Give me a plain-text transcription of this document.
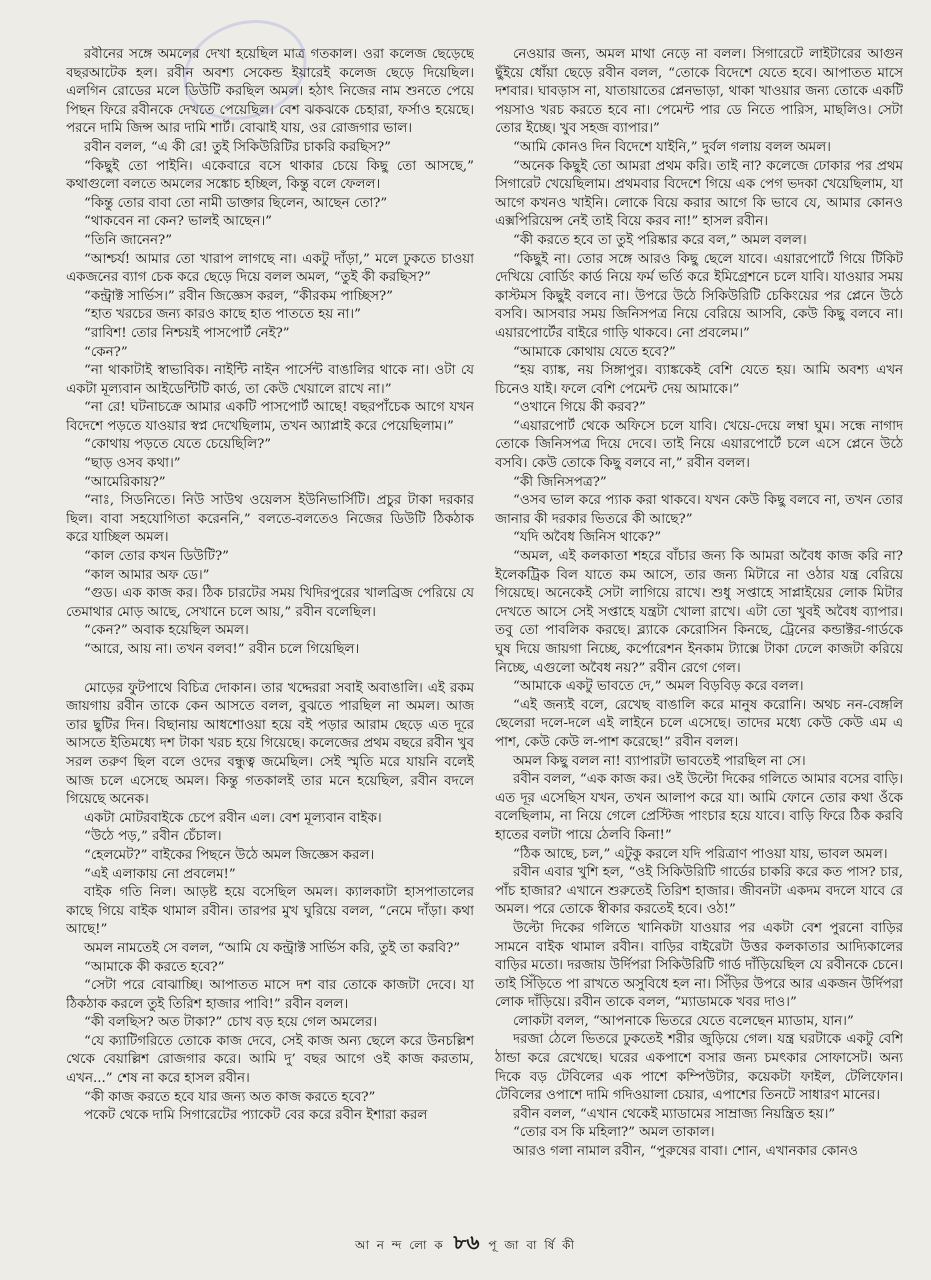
রবীনের সঙ্গে অমলের দেখা হয়েছিল মাত্র গতকাল। ওরা কলেজ ছেড়েছে বছরআটেক হল। রবীন অবশ্য সেকেন্ড ইয়ারেই কলেজ ছেড়ে দিয়েছিল। এলগিন রোডের মলে ডিউটি করছিল অমল। হঠাৎ নিজের নাম শুনতে পেয়ে পিছন ফিরে রবীনকে দেখতে পেয়েছিল। বেশ ঝকঝকে চেহারা, ফর্সাও হয়েছে। পরনে দামি জিন্স আর দামি শার্ট। বোঝাই যায়, ওর রোজগার ভাল।

রবীন বলল, “এ কী রে! তুই সিকিউরিটির চাকরি করছিস?”

“কিছুই তো পাইনি। একেবারে বসে থাকার চেয়ে কিছু তো আসছে,” কথাগুলো বলতে অমলের সঙ্কোচ হচ্ছিল, কিন্তু বলে ফেলল।

“কিন্তু তোর বাবা তো নামী ডাক্তার ছিলেন, আছেন তো?”

“থাকবেন না কেন? ভালই আছেন।”

“তিনি জানেন?”

“আশ্চর্য! আমার তো খারাপ লাগছে না। একটু দাঁড়া,” মলে ঢুকতে চাওয়া একজনের ব্যাগ চেক করে ছেড়ে দিয়ে বলল অমল, “তুই কী করছিস?”

“কন্ট্রাক্ট সার্ভিস।” রবীন জিজ্ঞেস করল, “কীরকম পাচ্ছিস?”

“হাত খরচের জন্য কারও কাছে হাত পাততে হয় না।”

“রাবিশ! তোর নিশ্চয়ই পাসপোর্ট নেই?”

“কেন?”

“না থাকাটাই স্বাভাবিক। নাইন্টি নাইন পার্সেন্ট বাঙালির থাকে না। ওটা যে একটা মূল্যবান আইডেন্টিটি কার্ড, তা কেউ খেয়ালে রাখে না।”

“না রে! ঘটনাচক্রে আমার একটি পাসপোর্ট আছে! বছরপাঁচেক আগে যখন বিদেশে পড়তে যাওয়ার স্বপ্ন দেখেছিলাম, তখন অ্যাপ্লাই করে পেয়েছিলাম।”

“কোথায় পড়তে যেতে চেয়েছিলি?”

“ছাড় ওসব কথা।”

“আমেরিকায়?”

“নাঃ, সিডনিতে। নিউ সাউথ ওয়েলস ইউনিভার্সিটি। প্রচুর টাকা দরকার ছিল। বাবা সহযোগিতা করেননি,” বলতে-বলতেও নিজের ডিউটি ঠিকঠাক করে যাচ্ছিল অমল।

“কাল তোর কখন ডিউটি?”

“কাল আমার অফ ডে।”

“গুড। এক কাজ কর। ঠিক চারটের সময় খিদিরপুরের খালব্রিজ পেরিয়ে যে তেমাথার মোড় আছে, সেখানে চলে আয়,” রবীন বলেছিল।

“কেন?” অবাক হয়েছিল অমল।

“আরে, আয় না। তখন বলব!” রবীন চলে গিয়েছিল।

মোড়ের ফুটপাথে বিচিত্র দোকান। তার খদ্দেররা সবাই অবাঙালি। এই রকম জায়গায় রবীন তাকে কেন আসতে বলল, বুঝতে পারছিল না অমল। আজ তার ছুটির দিন। বিছানায় আধশোওয়া হয়ে বই পড়ার আরাম ছেড়ে এত দূরে আসতে ইতিমধ্যে দশ টাকা খরচ হয়ে গিয়েছে। কলেজের প্রথম বছরে রবীন খুব সরল তরুণ ছিল বলে ওদের বন্ধুত্ব জমেছিল। সেই স্মৃতি মরে যায়নি বলেই আজ চলে এসেছে অমল। কিন্তু গতকালই তার মনে হয়েছিল, রবীন বদলে গিয়েছে অনেক।

একটা মোটরবাইকে চেপে রবীন এল। বেশ মূল্যবান বাইক।

“উঠে পড়,” রবীন চেঁচাল।

“হেলমেট?” বাইকের পিছনে উঠে অমল জিজ্ঞেস করল।

“এই এলাকায় নো প্রবলেম!”

বাইক গতি নিল। আড়ষ্ট হয়ে বসেছিল অমল। ক্যালকাটা হাসপাতালের কাছে গিয়ে বাইক থামাল রবীন। তারপর মুখ ঘুরিয়ে বলল, “নেমে দাঁড়া। কথা আছে!”

অমল নামতেই সে বলল, “আমি যে কন্ট্রাক্ট সার্ভিস করি, তুই তা করবি?”

“আমাকে কী করতে হবে?”

“সেটা পরে বোঝাচ্ছি। আপাতত মাসে দশ বার তোকে কাজটা দেবে। যা ঠিকঠাক করলে তুই তিরিশ হাজার পাবি!” রবীন বলল।

“কী বলছিস? অত টাকা?” চোখ বড় হয়ে গেল অমলের।

“যে ক্যাটিগরিতে তোকে কাজ দেবে, সেই কাজ অন্য ছেলে করে উনচল্লিশ থেকে বেয়াল্লিশ রোজগার করে। আমি দু’ বছর আগে ওই কাজ করতাম, এখন...” শেষ না করে হাসল রবীন।

“কী কাজ করতে হবে যার জন্য অত কাজ করতে হবে?”

পকেট থেকে দামি সিগারেটের প্যাকেট বের করে রবীন ইশারা করল

নেওয়ার জন্য, অমল মাথা নেড়ে না বলল। সিগারেটে লাইটারের আগুন ছুঁইয়ে ধোঁয়া ছেড়ে রবীন বলল, “তোকে বিদেশে যেতে হবে। আপাতত মাসে দশবার। ঘাবড়াস না, যাতায়াতের প্লেনভাড়া, থাকা খাওয়ার জন্য তোকে একটি পয়সাও খরচ করতে হবে না। পেমেন্ট পার ডে নিতে পারিস, মাছলিও। সেটা তোর ইচ্ছে। খুব সহজ ব্যাপার।”

“আমি কোনও দিন বিদেশে যাইনি,” দুর্বল গলায় বলল অমল।

“অনেক কিছুই তো আমরা প্রথম করি। তাই না? কলেজে ঢোকার পর প্রথম সিগারেট খেয়েছিলাম। প্রথমবার বিদেশে গিয়ে এক পেগ ভদকা খেয়েছিলাম, যা আগে কখনও খাইনি। লোকে বিয়ে করার আগে কি ভাবে যে, আমার কোনও এক্সপিরিয়েন্স নেই তাই বিয়ে করব না!” হাসল রবীন।

“কী করতে হবে তা তুই পরিষ্কার করে বল,” অমল বলল।

“কিছুই না। তোর সঙ্গে আরও কিছু ছেলে যাবে। এয়ারপোর্টে গিয়ে টিকিট দেখিয়ে বোর্ডিং কার্ড নিয়ে ফর্ম ভর্তি করে ইমিগ্রেশনে চলে যাবি। যাওয়ার সময় কাস্টমস কিছুই বলবে না। উপরে উঠে সিকিউরিটি চেকিংয়ের পর প্লেনে উঠে বসবি। আসবার সময় জিনিসপত্র নিয়ে বেরিয়ে আসবি, কেউ কিছু বলবে না। এয়ারপোর্টের বাইরে গাড়ি থাকবে। নো প্রবলেম।”

“আমাকে কোথায় যেতে হবে?”

“হয় ব্যাঙ্ক, নয় সিঙ্গাপুর। ব্যাঙ্ককেই বেশি যেতে হয়। আমি অবশ্য এখন চিনেও যাই। ফলে বেশি পেমেন্ট দেয় আমাকে।”

“ওখানে গিয়ে কী করব?”

“এয়ারপোর্ট থেকে অফিসে চলে যাবি। খেয়ে-দেয়ে লম্বা ঘুম। সন্ধে নাগাদ তোকে জিনিসপত্র দিয়ে দেবে। তাই নিয়ে এয়ারপোর্টে চলে এসে প্লেনে উঠে বসবি। কেউ তোকে কিছু বলবে না,” রবীন বলল।

“কী জিনিসপত্র?”

“ওসব ভাল করে প্যাক করা থাকবে। যখন কেউ কিছু বলবে না, তখন তোর জানার কী দরকার ভিতরে কী আছে?”

“যদি অবৈধ জিনিস থাকে?”

“অমল, এই কলকাতা শহরে বাঁচার জন্য কি আমরা অবৈধ কাজ করি না? ইলেকট্রিক বিল যাতে কম আসে, তার জন্য মিটারে না ওঠার যন্ত্র বেরিয়ে গিয়েছে। অনেকেই সেটা লাগিয়ে রাখে। শুধু সপ্তাহে সাপ্লাইয়ের লোক মিটার দেখতে আসে সেই সপ্তাহে যন্ত্রটা খোলা রাখে। এটা তো খুবই অবৈধ ব্যাপার। তবু তো পাবলিক করছে। ব্ল্যাকে কেরোসিন কিনছে, ট্রেনের কন্ডাক্টর-গার্ডকে ঘুষ দিয়ে জায়গা নিচ্ছে, কর্পোরেশন ইনকাম ট্যাক্সে টাকা ঢেলে কাজটা করিয়ে নিচ্ছে, এগুলো অবৈধ নয়?” রবীন রেগে গেল।

“আমাকে একটু ভাবতে দে,” অমল বিড়বিড় করে বলল।

“এই জন্যই বলে, রেখেছ বাঙালি করে মানুষ করোনি। অথচ নন-বেঙ্গলি ছেলেরা দলে-দলে এই লাইনে চলে এসেছে। তাদের মধ্যে কেউ কেউ এম এ পাশ, কেউ কেউ ল-পাশ করেছে!” রবীন বলল।

অমল কিছু বলল না! ব্যাপারটা ভাবতেই পারছিল না সে।

রবীন বলল, “এক কাজ কর। ওই উল্টো দিকের গলিতে আমার বসের বাড়ি। এত দূর এসেছিস যখন, তখন আলাপ করে যা। আমি ফোনে তোর কথা ওঁকে বলেছিলাম, না নিয়ে গেলে প্রেস্টিজ পাংচার হয়ে যাবে। বাড়ি ফিরে ঠিক করবি হাতের বলটা পায়ে ঠেলবি কিনা!”

“ঠিক আছে, চল,” এটুকু করলে যদি পরিত্রাণ পাওয়া যায়, ভাবল অমল।

রবীন এবার খুশি হল, “ওই সিকিউরিটি গার্ডের চাকরি করে কত পাস? চার, পাঁচ হাজার? এখানে শুরুতেই তিরিশ হাজার। জীবনটা একদম বদলে যাবে রে অমল। পরে তোকে স্বীকার করতেই হবে। ওঠ!”

উল্টো দিকের গলিতে খানিকটা যাওয়ার পর একটা বেশ পুরনো বাড়ির সামনে বাইক থামাল রবীন। বাড়ির বাইরেটা উত্তর কলকাতার আদ্যিকালের বাড়ির মতো। দরজায় উর্দিপরা সিকিউরিটি গার্ড দাঁড়িয়েছিল যে রবীনকে চেনে। তাই সিঁড়িতে পা রাখতে অসুবিধে হল না। সিঁড়ির উপরে আর একজন উর্দিপরা লোক দাঁড়িয়ে। রবীন তাকে বলল, “ম্যাডামকে খবর দাও।”

লোকটা বলল, “আপনাকে ভিতরে যেতে বলেছেন ম্যাডাম, যান।”

দরজা ঠেলে ভিতরে ঢুকতেই শরীর জুড়িয়ে গেল। যন্ত্র ঘরটাকে একটু বেশি ঠান্ডা করে রেখেছে। ঘরের একপাশে বসার জন্য চমৎকার সোফাসেট। অন্য দিকে বড় টেবিলের এক পাশে কম্পিউটার, কয়েকটা ফাইল, টেলিফোন। টেবিলের ওপাশে দামি গদিওয়ালা চেয়ার, এপাশের তিনটে সাধারণ মানের।

রবীন বলল, “এখান থেকেই ম্যাডামের সাম্রাজ্য নিয়ন্ত্রিত হয়।”

“তোর বস কি মহিলা?” অমল তাকাল।

আরও গলা নামাল রবীন, “পুরুষের বাবা। শোন, এখানকার কোনও

আ ন ন্দ লো ক ৮৬ পূ জা বা র্ষি কী
